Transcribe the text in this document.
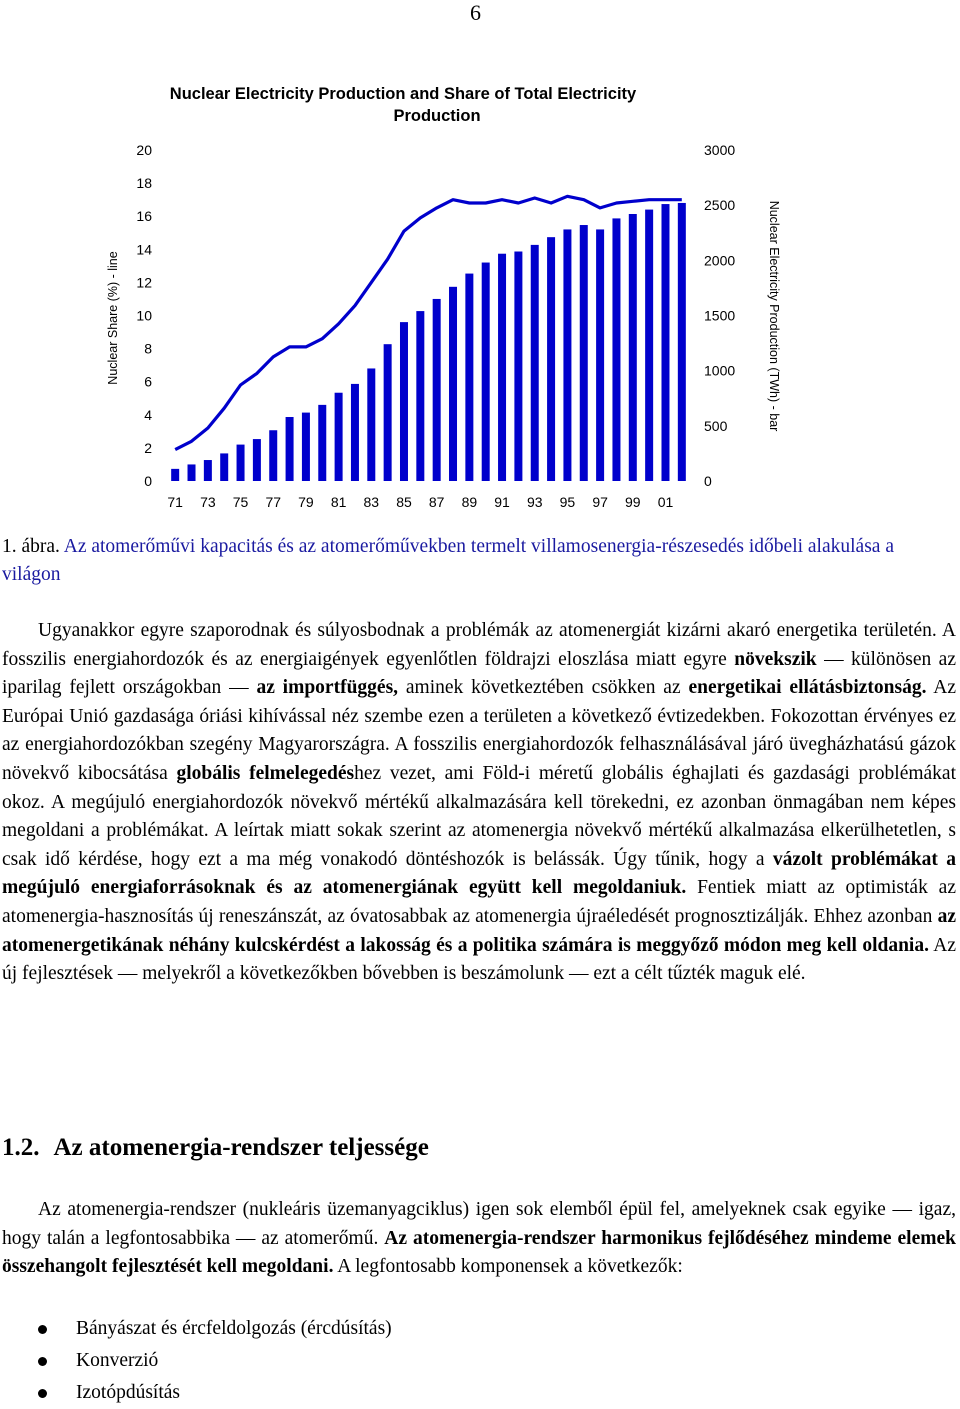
6
Nuclear Electricity Production and Share of Total Electricity
Production
0
2
4
6
8
10
12
14
16
18
20
0
500
1000
1500
2000
2500
3000
71 73 75 77 79 81 83 85 87 89 91 93 95 97 99 01
Nuclear Share (%) - line	Nuclear Electricity Production (TWh) - bar

1. ábra. Az atomerőművi kapacitás és az atomerőművekben termelt villamosenergia-részesedés időbeli alakulása a világon

Ugyanakkor egyre szaporodnak és súlyosbodnak a problémák az atomenergiát kizárni akaró energetika területén. A fosszilis energiahordozók és az energiaigények egyenlőtlen földrajzi eloszlása miatt egyre növekszik — különösen az iparilag fejlett országokban — az importfüggés, aminek következtében csökken az energetikai ellátásbiztonság. Az Európai Unió gazdasága óriási kihívással néz szembe ezen a területen a következő évtizedekben. Fokozottan érvényes ez az energiahordozókban szegény Magyarországra. A fosszilis energiahordozók felhasználásával járó üvegházhatású gázok növekvő kibocsátása globális felmelegedéshez vezet, ami Föld-i méretű globális éghajlati és gazdasági problémákat okoz. A megújuló energiahordozók növekvő mértékű alkalmazására kell törekedni, ez azonban önmagában nem képes megoldani a problémákat. A leírtak miatt sokak szerint az atomenergia növekvő mértékű alkalmazása elkerülhetetlen, s csak idő kérdése, hogy ezt a ma még vonakodó döntéshozók is belássák. Úgy tűnik, hogy a vázolt problémákat a megújuló energiaforrásoknak és az atomenergiának együtt kell megoldaniuk. Fentiek miatt az optimisták az atomenergia-hasznosítás új reneszánszát, az óvatosabbak az atomenergia újraéledését prognosztizálják. Ehhez azonban az atomenergetikának néhány kulcskérdést a lakosság és a politika számára is meggyőző módon meg kell oldania. Az új fejlesztések — melyekről a következőkben bővebben is beszámolunk — ezt a célt tűzték maguk elé.

1.2. Az atomenergia-rendszer teljessége

Az atomenergia-rendszer (nukleáris üzemanyagciklus) igen sok elemből épül fel, amelyeknek csak egyike — igaz, hogy talán a legfontosabbika — az atomerőmű. Az atomenergia-rendszer harmonikus fejlődéséhez mindeme elemek összehangolt fejlesztését kell megoldani. A legfontosabb komponensek a következők:

Bányászat és ércfeldolgozás (ércdúsítás)
Konverzió
Izotópdúsítás
